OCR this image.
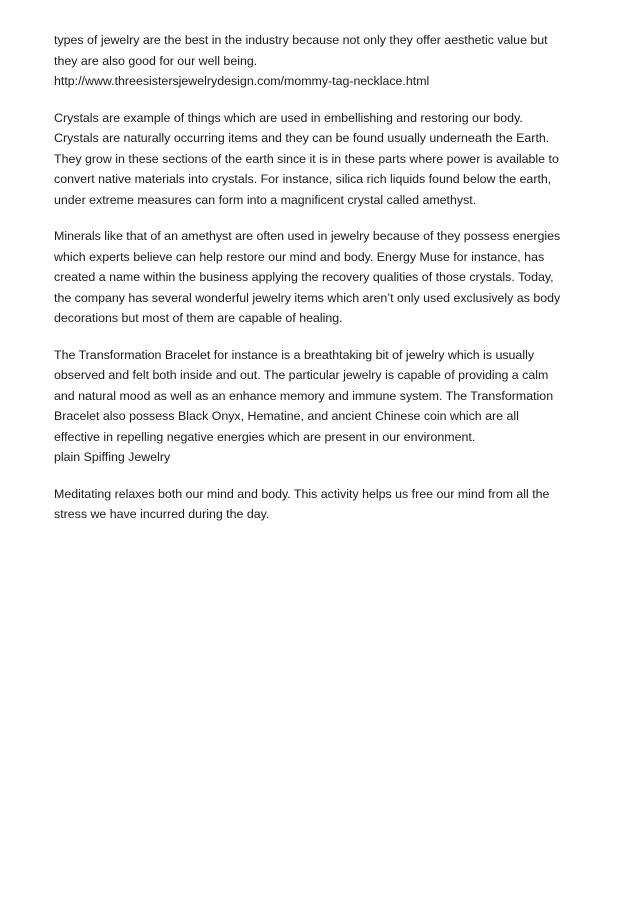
types of jewelry are the best in the industry because not only they offer aesthetic value but
they are also good for our well being.
http://www.threesistersjewelrydesign.com/mommy-tag-necklace.html

Crystals are example of things which are used in embellishing and restoring our body.
Crystals are naturally occurring items and they can be found usually underneath the Earth.
They grow in these sections of the earth since it is in these parts where power is available to
convert native materials into crystals. For instance, silica rich liquids found below the earth,
under extreme measures can form into a magnificent crystal called amethyst.

Minerals like that of an amethyst are often used in jewelry because of they possess energies
which experts believe can help restore our mind and body. Energy Muse for instance, has
created a name within the business applying the recovery qualities of those crystals. Today,
the company has several wonderful jewelry items which aren’t only used exclusively as body
decorations but most of them are capable of healing.

The Transformation Bracelet for instance is a breathtaking bit of jewelry which is usually
observed and felt both inside and out. The particular jewelry is capable of providing a calm
and natural mood as well as an enhance memory and immune system. The Transformation
Bracelet also possess Black Onyx, Hematine, and ancient Chinese coin which are all
effective in repelling negative energies which are present in our environment.
plain Spiffing Jewelry

Meditating relaxes both our mind and body. This activity helps us free our mind from all the
stress we have incurred during the day.
